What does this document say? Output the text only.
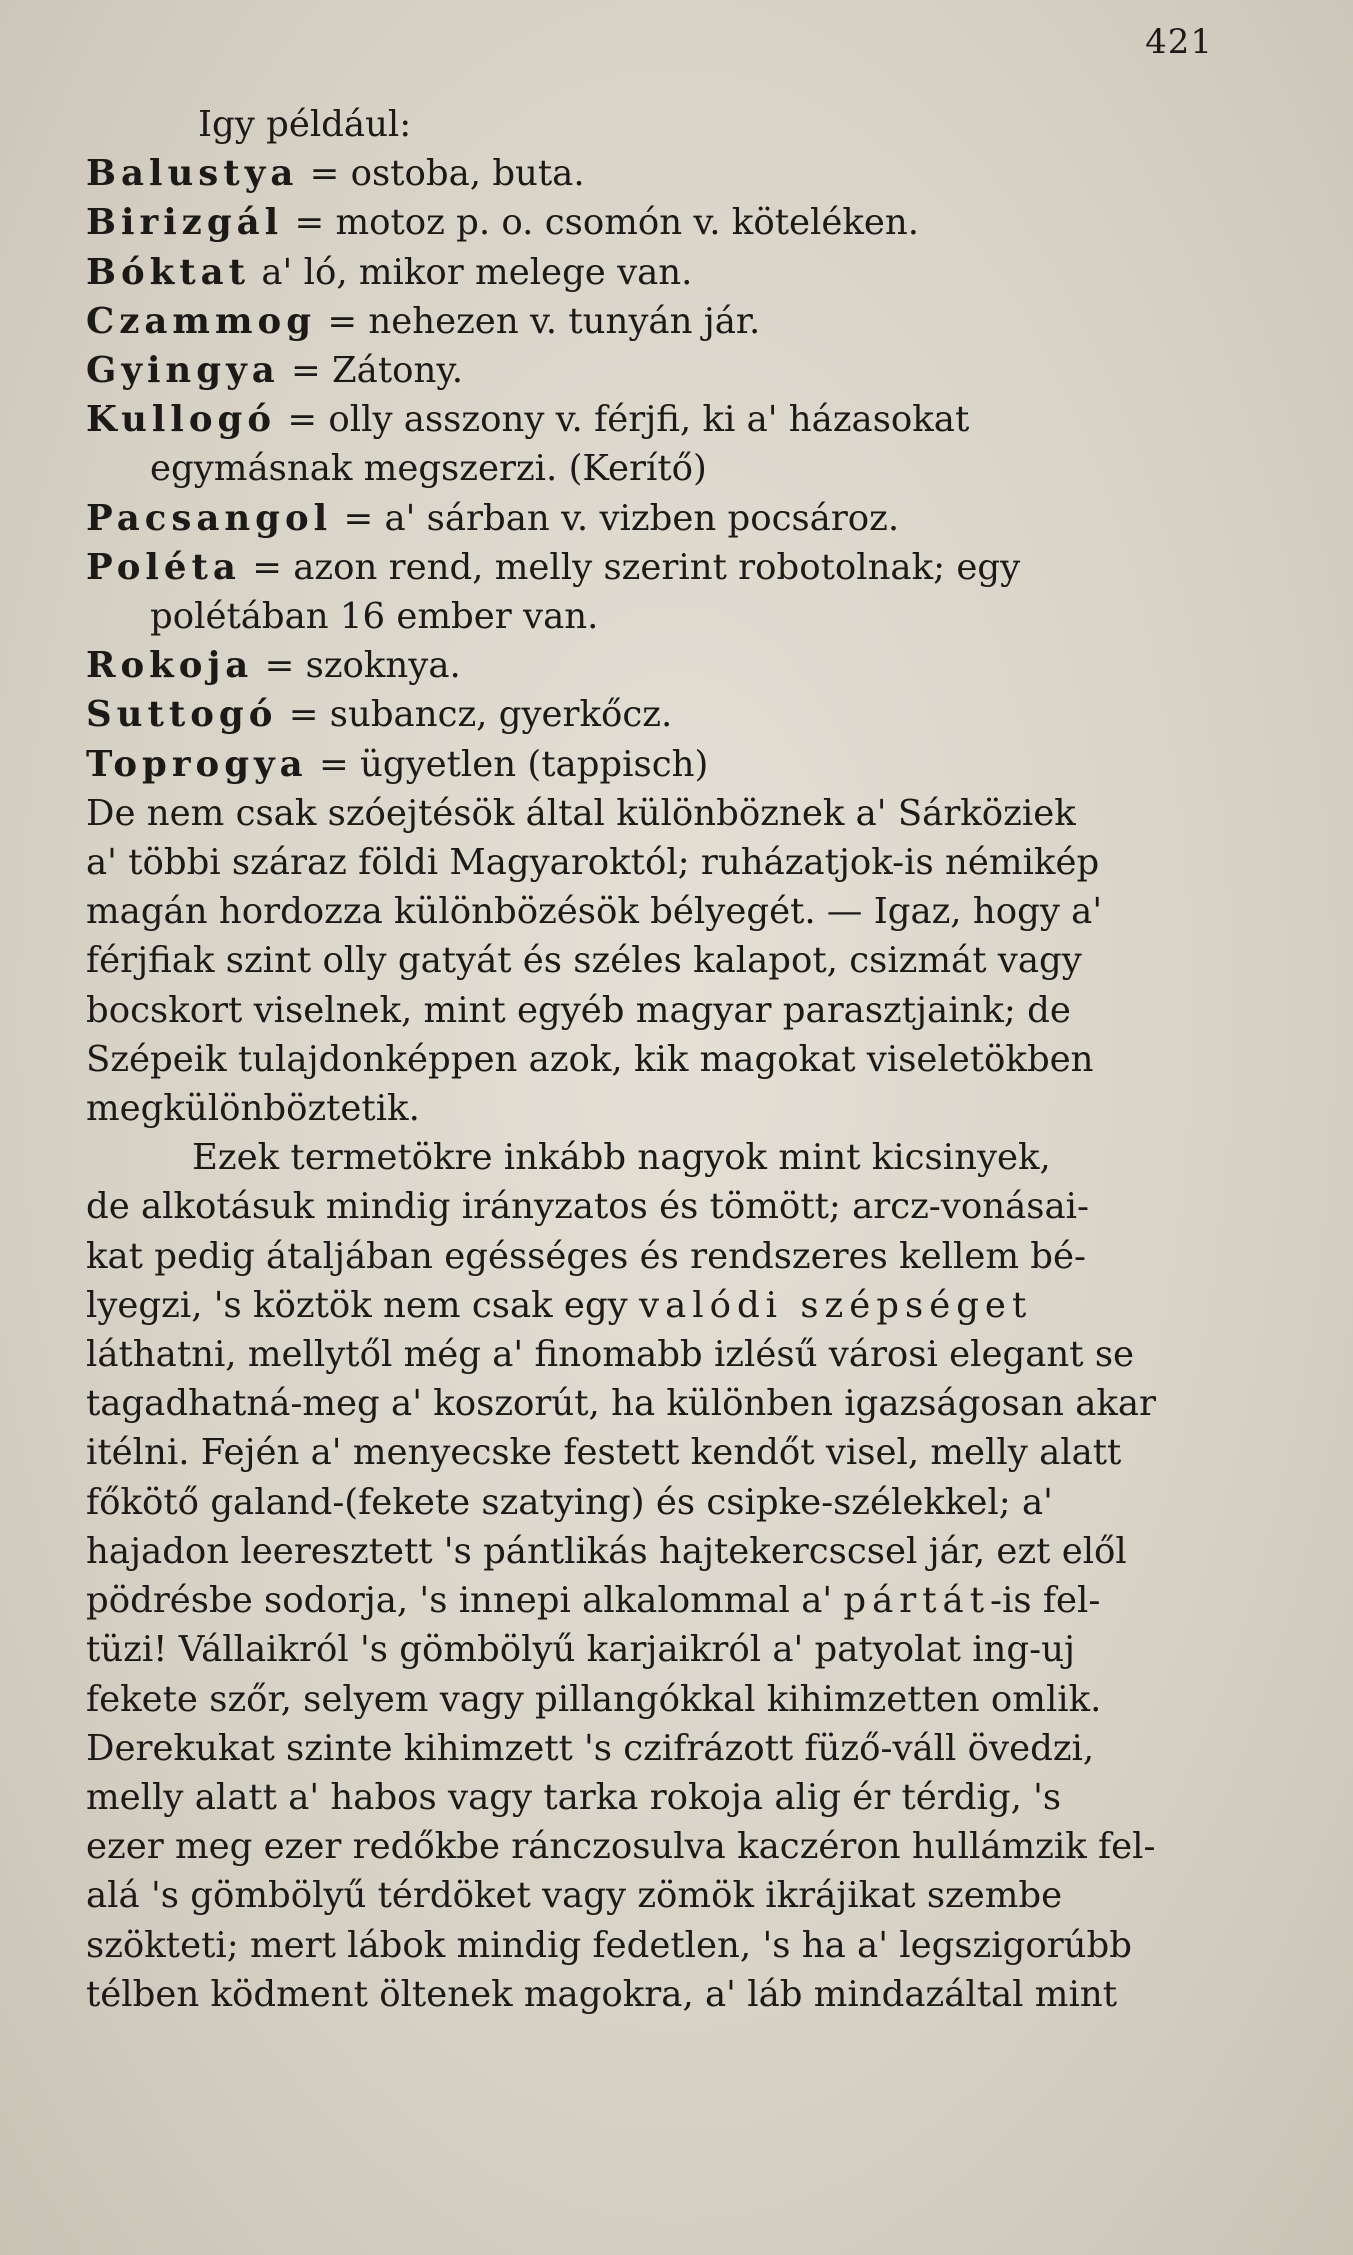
421
Igy például:
Balustya = ostoba, buta.
Birizgál = motoz p. o. csomón v. köteléken.
Bóktat a' ló, mikor melege van.
Czammog = nehezen v. tunyán jár.
Gyingya = Zátony.
Kullogó = olly asszony v. férjfi, ki a' házasokat
egymásnak megszerzi. (Kerítő)
Pacsangol = a' sárban v. vizben pocsároz.
Poléta = azon rend, melly szerint robotolnak; egy
polétában 16 ember van.
Rokoja = szoknya.
Suttogó = subancz, gyerkőcz.
Toprogya = ügyetlen (tappisch)
De nem csak szóejtésök által különböznek a' Sárköziek
a' többi száraz földi Magyaroktól; ruházatjok-is némikép
magán hordozza különbözésök bélyegét. — Igaz, hogy a'
férjfiak szint olly gatyát és széles kalapot, csizmát vagy
bocskort viselnek, mint egyéb magyar parasztjaink; de
Szépeik tulajdonképpen azok, kik magokat viseletökben
megkülönböztetik.
Ezek termetökre inkább nagyok mint kicsinyek,
de alkotásuk mindig irányzatos és tömött; arcz-vonásai-
kat pedig átaljában egésséges és rendszeres kellem bé-
lyegzi, 's köztök nem csak egy valódi szépséget
láthatni, mellytől még a' finomabb izlésű városi elegant se
tagadhatná-meg a' koszorút, ha különben igazságosan akar
itélni. Fején a' menyecske festett kendőt visel, melly alatt
főkötő galand-(fekete szatying) és csipke-szélekkel; a'
hajadon leeresztett 's pántlikás hajtekercscsel jár, ezt elől
pödrésbe sodorja, 's innepi alkalommal a' pártát-is fel-
tüzi! Vállaikról 's gömbölyű karjaikról a' patyolat ing-uj
fekete szőr, selyem vagy pillangókkal kihimzetten omlik.
Derekukat szinte kihimzett 's czifrázott füző-váll övedzi,
melly alatt a' habos vagy tarka rokoja alig ér térdig, 's
ezer meg ezer redőkbe ránczosulva kaczéron hullámzik fel-
alá 's gömbölyű térdöket vagy zömök ikrájikat szembe
szökteti; mert lábok mindig fedetlen, 's ha a' legszigorúbb
télben ködment öltenek magokra, a' láb mindazáltal mint
